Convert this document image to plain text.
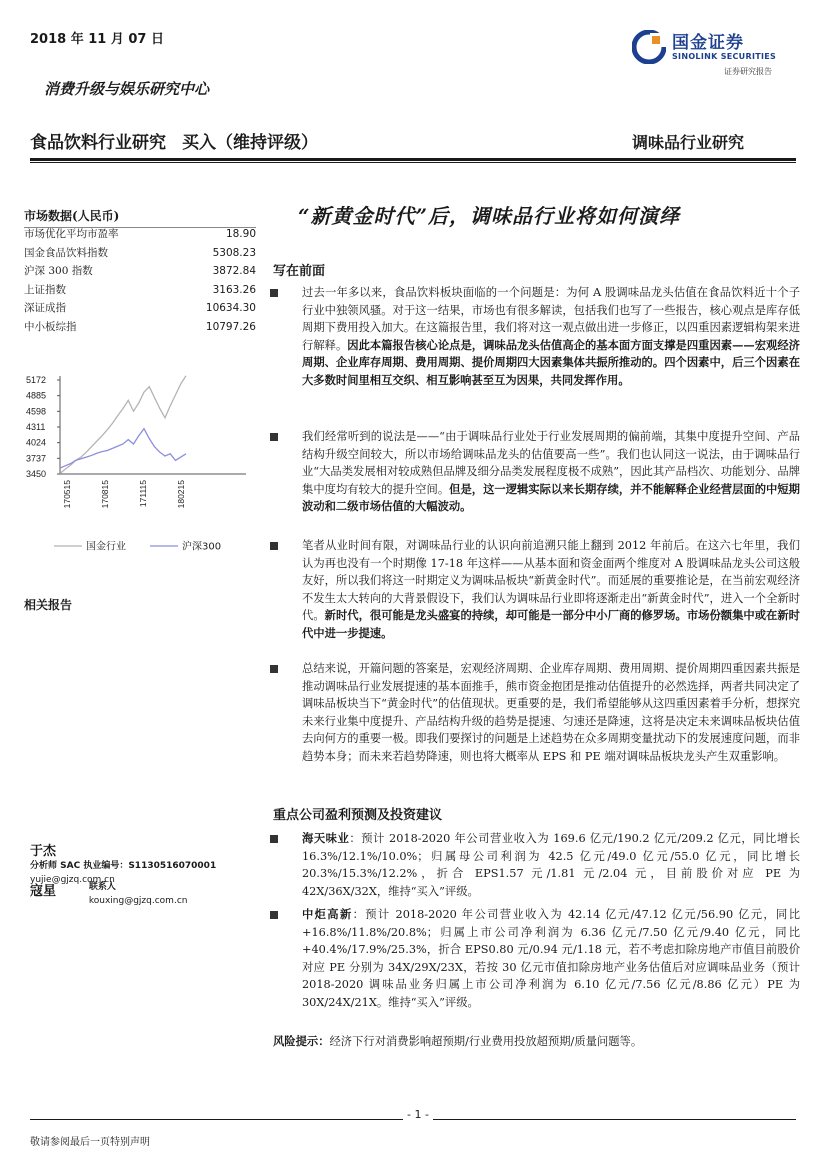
2018 年 11 月 07 日	国金证券
SINOLINK SECURITIES
证券研究报告
消费升级与娱乐研究中心
食品饮料行业研究 买入（维持评级）	调味品行业研究
市场数据(人民币)
市场优化平均市盈率	18.90
国金食品饮料指数	5308.23
沪深 300 指数	3872.84
上证指数	3163.26
深证成指	10634.30
中小板综指	10797.26
3450
3737
4024
4311
4598
4885
5172
170515	170815	171115	180215
国金行业	沪深300
相关报告
于杰 分析师 SAC 执业编号：S1130516070001
yujie@gjzq.com.cn
寇星	联系人
kouxing@gjzq.com.cn
“新黄金时代”后，调味品行业将如何演绎
写在前面
过去一年多以来，食品饮料板块面临的一个问题是：为何 A 股调味品龙头估值在食品饮料近十个子行业中独领风骚。对于这一结果，市场也有很多解读，包括我们也写了一些报告，核心观点是库存低周期下费用投入加大。在这篇报告里，我们将对这一观点做出进一步修正，以四重因素逻辑构架来进行解释。因此本篇报告核心论点是，调味品龙头估值高企的基本面方面支撑是四重因素——宏观经济周期、企业库存周期、费用周期、提价周期四大因素集体共振所推动的。四个因素中，后三个因素在大多数时间里相互交织、相互影响甚至互为因果，共同发挥作用。
我们经常听到的说法是——“由于调味品行业处于行业发展周期的偏前端，其集中度提升空间、产品结构升级空间较大，所以市场给调味品龙头的估值要高一些”。我们也认同这一说法，由于调味品行业“大品类发展相对较成熟但品牌及细分品类发展程度极不成熟”，因此其产品档次、功能划分、品牌集中度均有较大的提升空间。但是，这一逻辑实际以来长期存续，并不能解释企业经营层面的中短期波动和二级市场估值的大幅波动。
笔者从业时间有限，对调味品行业的认识向前追溯只能上翻到 2012 年前后。在这六七年里，我们认为再也没有一个时期像 17-18 年这样——从基本面和资金面两个维度对 A 股调味品龙头公司这般友好，所以我们将这一时期定义为调味品板块“新黄金时代”。而延展的重要推论是，在当前宏观经济不发生太大转向的大背景假设下，我们认为调味品行业即将逐渐走出“新黄金时代”，进入一个全新时代。新时代，很可能是龙头盛宴的持续，却可能是一部分中小厂商的修罗场。市场份额集中或在新时代中进一步提速。
总结来说，开篇问题的答案是，宏观经济周期、企业库存周期、费用周期、提价周期四重因素共振是推动调味品行业发展提速的基本面推手，熊市资金抱团是推动估值提升的必然选择，两者共同决定了调味品板块当下“黄金时代”的估值现状。更重要的是，我们希望能够从这四重因素着手分析，想探究未来行业集中度提升、产品结构升级的趋势是提速、匀速还是降速，这将是决定未来调味品板块估值去向何方的重要一极。即我们要探讨的问题是上述趋势在众多周期变量扰动下的发展速度问题，而非趋势本身；而未来若趋势降速，则也将大概率从 EPS 和 PE 端对调味品板块龙头产生双重影响。
重点公司盈利预测及投资建议
海天味业：预计 2018-2020 年公司营业收入为 169.6 亿元/190.2 亿元/209.2 亿元，同比增长 16.3%/12.1%/10.0%；归属母公司利润为 42.5 亿元/49.0 亿元/55.0 亿元，同比增长 20.3%/15.3%/12.2%，折合 EPS1.57 元/1.81 元/2.04 元，目前股价对应 PE 为 42X/36X/32X，维持“买入”评级。
中炬高新：预计 2018-2020 年公司营业收入为 42.14 亿元/47.12 亿元/56.90 亿元，同比+16.8%/11.8%/20.8%；归属上市公司净利润为 6.36 亿元/7.50 亿元/9.40 亿元，同比+40.4%/17.9%/25.3%，折合 EPS0.80 元/0.94 元/1.18 元，若不考虑扣除房地产市值目前股价对应 PE 分别为 34X/29X/23X，若按 30 亿元市值扣除房地产业务估值后对应调味品业务（预计 2018-2020 调味品业务归属上市公司净利润为 6.10 亿元/7.56 亿元/8.86 亿元）PE 为 30X/24X/21X。维持“买入”评级。
风险提示：经济下行对消费影响超预期/行业费用投放超预期/质量问题等。
- 1 -
敬请参阅最后一页特别声明
